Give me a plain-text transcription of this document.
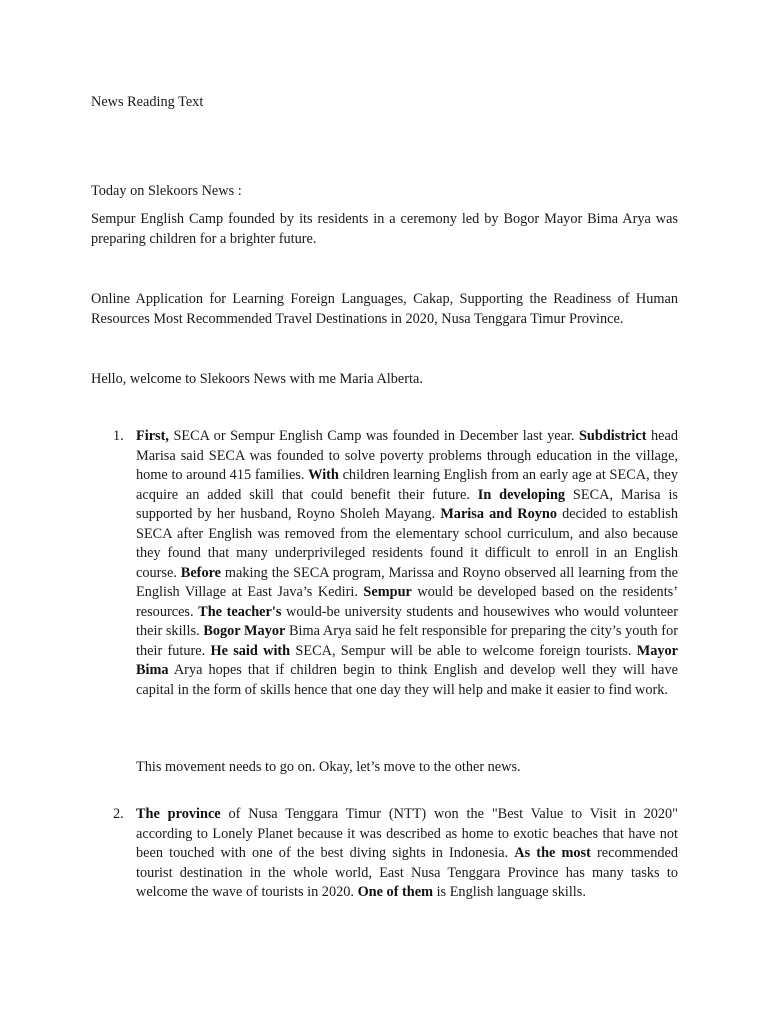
News Reading Text
Today on Slekoors News :

Sempur English Camp founded by its residents in a ceremony led by Bogor Mayor Bima Arya was preparing children for a brighter future.

Online Application for Learning Foreign Languages, Cakap, Supporting the Readiness of Human Resources Most Recommended Travel Destinations in 2020, Nusa Tenggara Timur Province.

Hello, welcome to Slekoors News with me Maria Alberta.

1. First, SECA or Sempur English Camp was founded in December last year. Subdistrict head Marisa said SECA was founded to solve poverty problems through education in the village, home to around 415 families. With children learning English from an early age at SECA, they acquire an added skill that could benefit their future. In developing SECA, Marisa is supported by her husband, Royno Sholeh Mayang. Marisa and Royno decided to establish SECA after English was removed from the elementary school curriculum, and also because they found that many underprivileged residents found it difficult to enroll in an English course. Before making the SECA program, Marissa and Royno observed all learning from the English Village at East Java’s Kediri. Sempur would be developed based on the residents’ resources. The teacher's would-be university students and housewives who would volunteer their skills. Bogor Mayor Bima Arya said he felt responsible for preparing the city’s youth for their future. He said with SECA, Sempur will be able to welcome foreign tourists. Mayor Bima Arya hopes that if children begin to think English and develop well they will have capital in the form of skills hence that one day they will help and make it easier to find work.

This movement needs to go on. Okay, let’s move to the other news.
2. The province of Nusa Tenggara Timur (NTT) won the "Best Value to Visit in 2020" according to Lonely Planet because it was described as home to exotic beaches that have not been touched with one of the best diving sights in Indonesia. As the most recommended tourist destination in the whole world, East Nusa Tenggara Province has many tasks to welcome the wave of tourists in 2020. One of them is English language skills.
